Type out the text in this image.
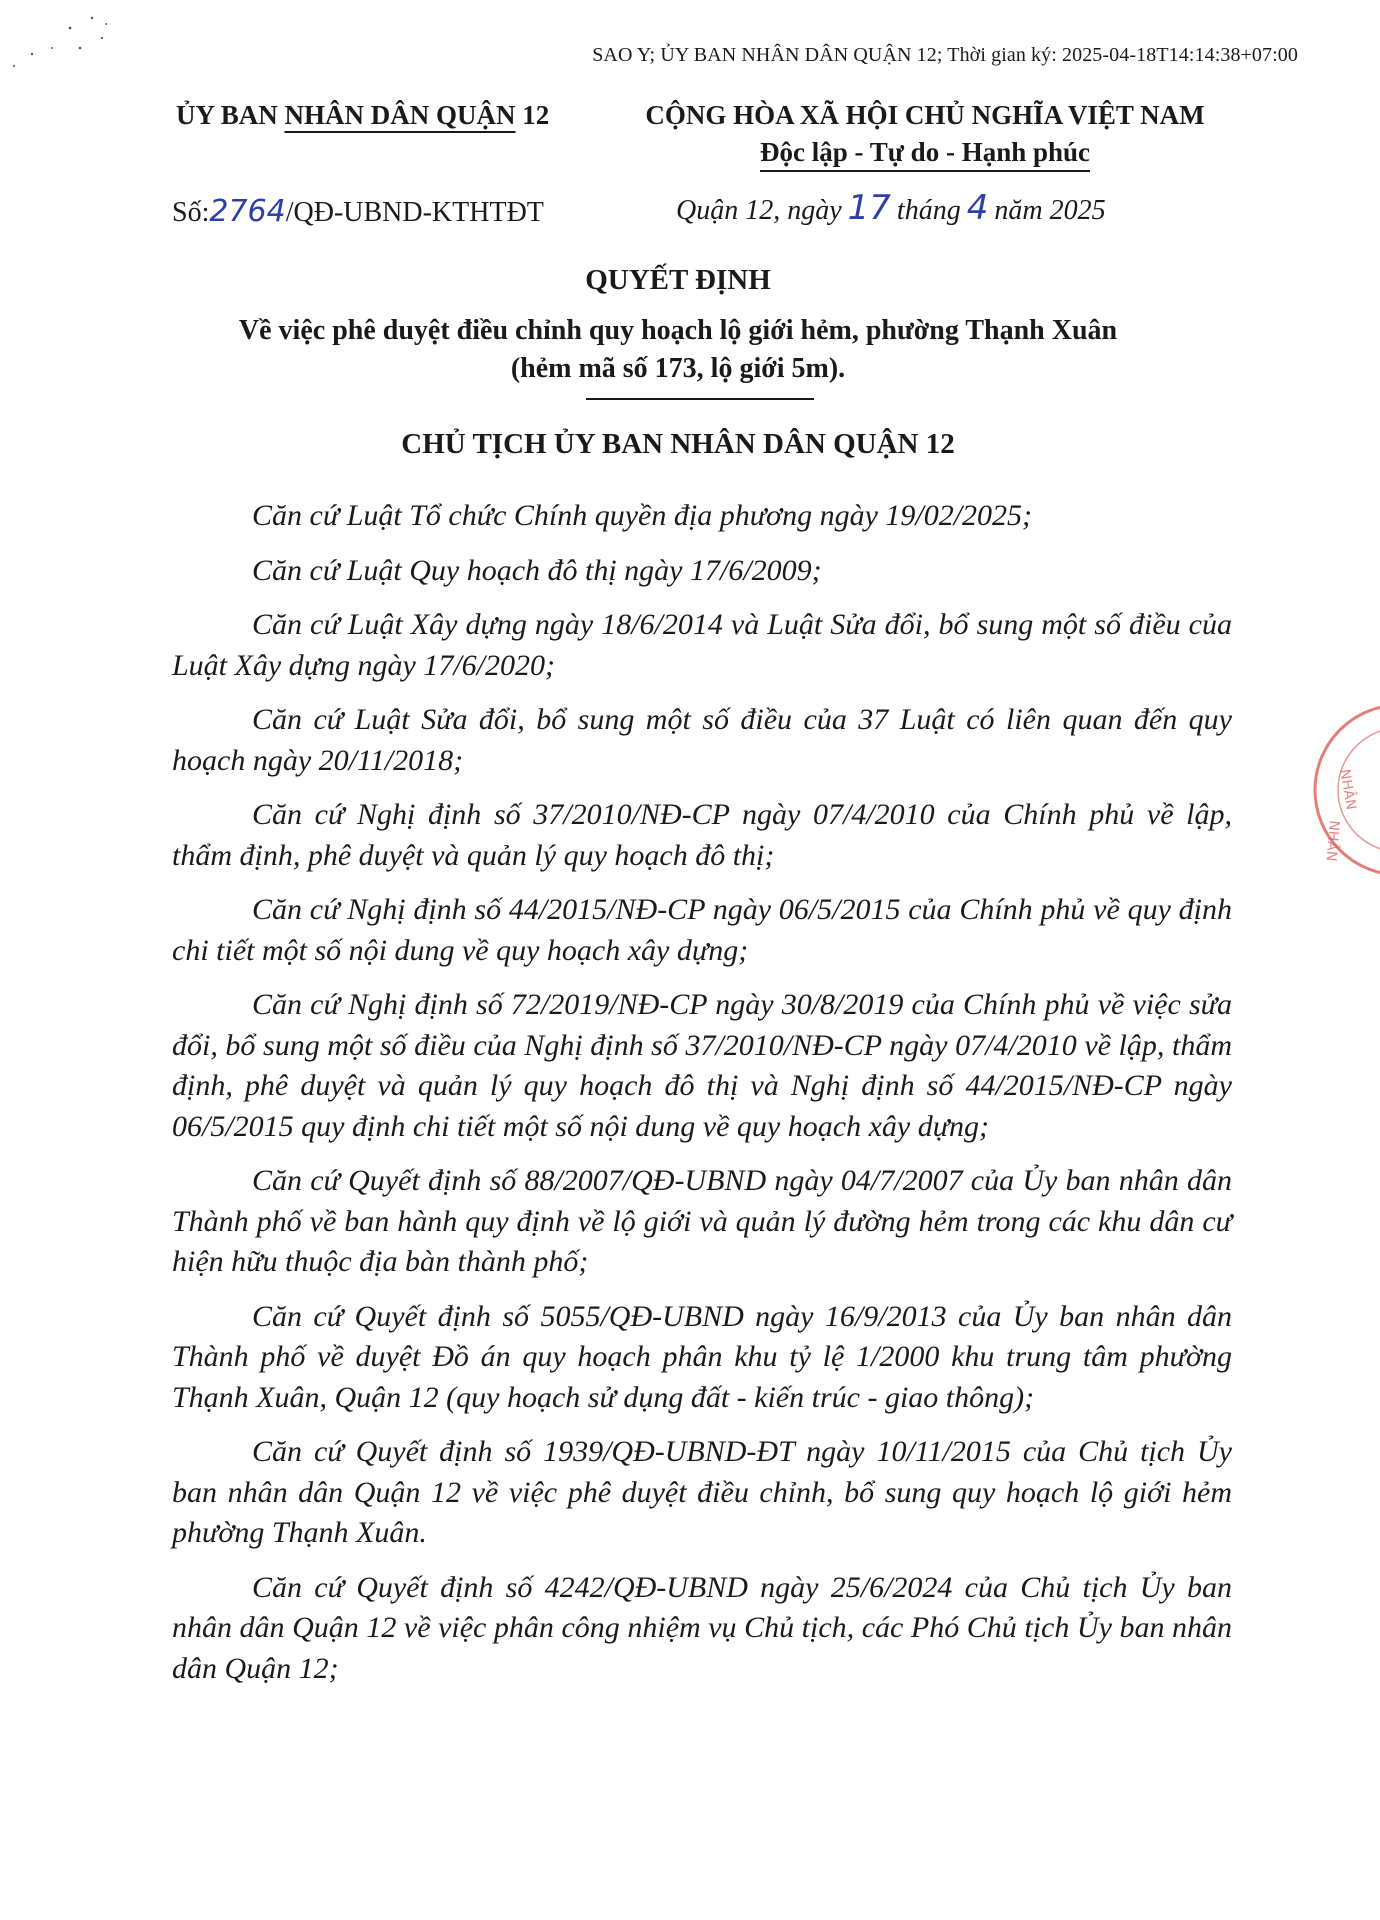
SAO Y; ỦY BAN NHÂN DÂN QUẬN 12; Thời gian ký: 2025-04-18T14:14:38+07:00
ỦY BAN NHÂN DÂN QUẬN 12	CỘNG HÒA XÃ HỘI CHỦ NGHĨA VIỆT NAM
Độc lập - Tự do - Hạnh phúc
Số:2764/QĐ-UBND-KTHTĐT	Quận 12, ngày 17 tháng 4 năm 2025
QUYẾT ĐỊNH
Về việc phê duyệt điều chỉnh quy hoạch lộ giới hẻm, phường Thạnh Xuân
(hẻm mã số 173, lộ giới 5m).
CHỦ TỊCH ỦY BAN NHÂN DÂN QUẬN 12

Căn cứ Luật Tổ chức Chính quyền địa phương ngày 19/02/2025;

Căn cứ Luật Quy hoạch đô thị ngày 17/6/2009;

Căn cứ Luật Xây dựng ngày 18/6/2014 và Luật Sửa đổi, bổ sung một số điều của Luật Xây dựng ngày 17/6/2020;

Căn cứ Luật Sửa đổi, bổ sung một số điều của 37 Luật có liên quan đến quy hoạch ngày 20/11/2018;

Căn cứ Nghị định số 37/2010/NĐ-CP ngày 07/4/2010 của Chính phủ về lập, thẩm định, phê duyệt và quản lý quy hoạch đô thị;

Căn cứ Nghị định số 44/2015/NĐ-CP ngày 06/5/2015 của Chính phủ về quy định chi tiết một số nội dung về quy hoạch xây dựng;

Căn cứ Nghị định số 72/2019/NĐ-CP ngày 30/8/2019 của Chính phủ về việc sửa đổi, bổ sung một số điều của Nghị định số 37/2010/NĐ-CP ngày 07/4/2010 về lập, thẩm định, phê duyệt và quản lý quy hoạch đô thị và Nghị định số 44/2015/NĐ-CP ngày 06/5/2015 quy định chi tiết một số nội dung về quy hoạch xây dựng;

Căn cứ Quyết định số 88/2007/QĐ-UBND ngày 04/7/2007 của Ủy ban nhân dân Thành phố về ban hành quy định về lộ giới và quản lý đường hẻm trong các khu dân cư hiện hữu thuộc địa bàn thành phố;

Căn cứ Quyết định số 5055/QĐ-UBND ngày 16/9/2013 của Ủy ban nhân dân Thành phố về duyệt Đồ án quy hoạch phân khu tỷ lệ 1/2000 khu trung tâm phường Thạnh Xuân, Quận 12 (quy hoạch sử dụng đất - kiến trúc - giao thông);

Căn cứ Quyết định số 1939/QĐ-UBND-ĐT ngày 10/11/2015 của Chủ tịch Ủy ban nhân dân Quận 12 về việc phê duyệt điều chỉnh, bổ sung quy hoạch lộ giới hẻm phường Thạnh Xuân.

Căn cứ Quyết định số 4242/QĐ-UBND ngày 25/6/2024 của Chủ tịch Ủy ban nhân dân Quận 12 về việc phân công nhiệm vụ Chủ tịch, các Phó Chủ tịch Ủy ban nhân dân Quận 12;

NHÂN
NHÂN
